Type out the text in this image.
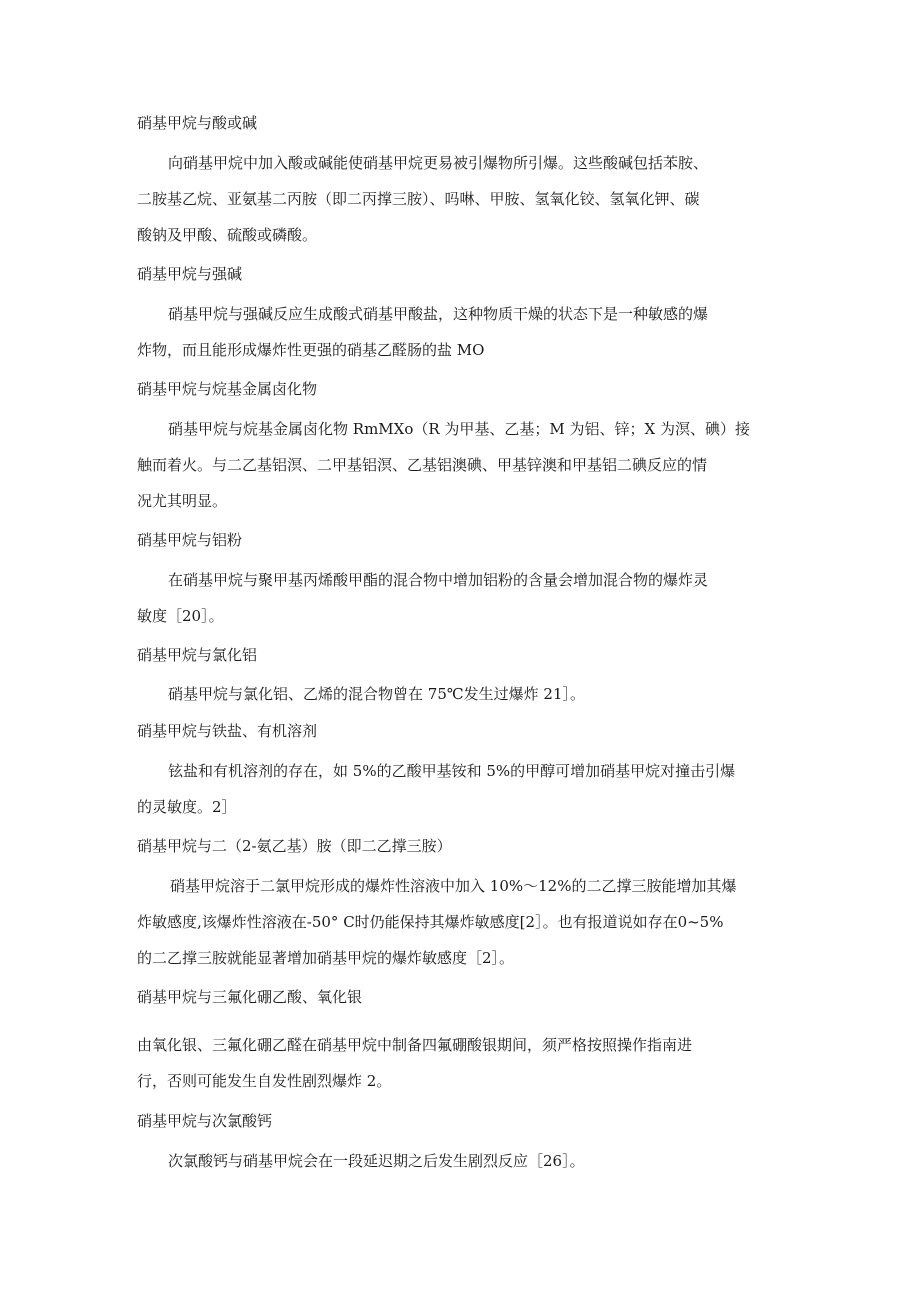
硝基甲烷与酸或碱
向硝基甲烷中加入酸或碱能使硝基甲烷更易被引爆物所引爆。这些酸碱包括苯胺、
二胺基乙烷、亚氨基二丙胺（即二丙撑三胺）、吗啉、甲胺、氢氧化铰、氢氧化钾、碳
酸钠及甲酸、硫酸或磷酸。
硝基甲烷与强碱
硝基甲烷与强碱反应生成酸式硝基甲酸盐，这种物质干燥的状态下是一种敏感的爆
炸物，而且能形成爆炸性更强的硝基乙醛肠的盐 MO
硝基甲烷与烷基金属卤化物
硝基甲烷与烷基金属卤化物 RmMXo（R 为甲基、乙基；M 为铝、锌；X 为溟、碘）接
触而着火。与二乙基铝溟、二甲基铝溟、乙基铝澳碘、甲基锌澳和甲基铝二碘反应的情
况尤其明显。
硝基甲烷与铝粉
在硝基甲烷与聚甲基丙烯酸甲酯的混合物中增加铝粉的含量会增加混合物的爆炸灵
敏度［20］。
硝基甲烷与氯化铝
硝基甲烷与氯化铝、乙烯的混合物曾在 75℃发生过爆炸 21］。
硝基甲烷与铁盐、有机溶剂
铉盐和有机溶剂的存在，如 5%的乙酸甲基铵和 5%的甲醇可增加硝基甲烷对撞击引爆
的灵敏度。2］
硝基甲烷与二（2-氨乙基）胺（即二乙撑三胺）
硝基甲烷溶于二氯甲烷形成的爆炸性溶液中加入 10%～12%的二乙撑三胺能增加其爆
炸敏感度,该爆炸性溶液在-50° C时仍能保持其爆炸敏感度[2］。也有报道说如存在0~5%
的二乙撑三胺就能显著增加硝基甲烷的爆炸敏感度［2］。
硝基甲烷与三氟化硼乙酸、氧化银
由氧化银、三氟化硼乙醛在硝基甲烷中制备四氟硼酸银期间，须严格按照操作指南进
行，否则可能发生自发性剧烈爆炸 2。
硝基甲烷与次氯酸钙
次氯酸钙与硝基甲烷会在一段延迟期之后发生剧烈反应［26］。
